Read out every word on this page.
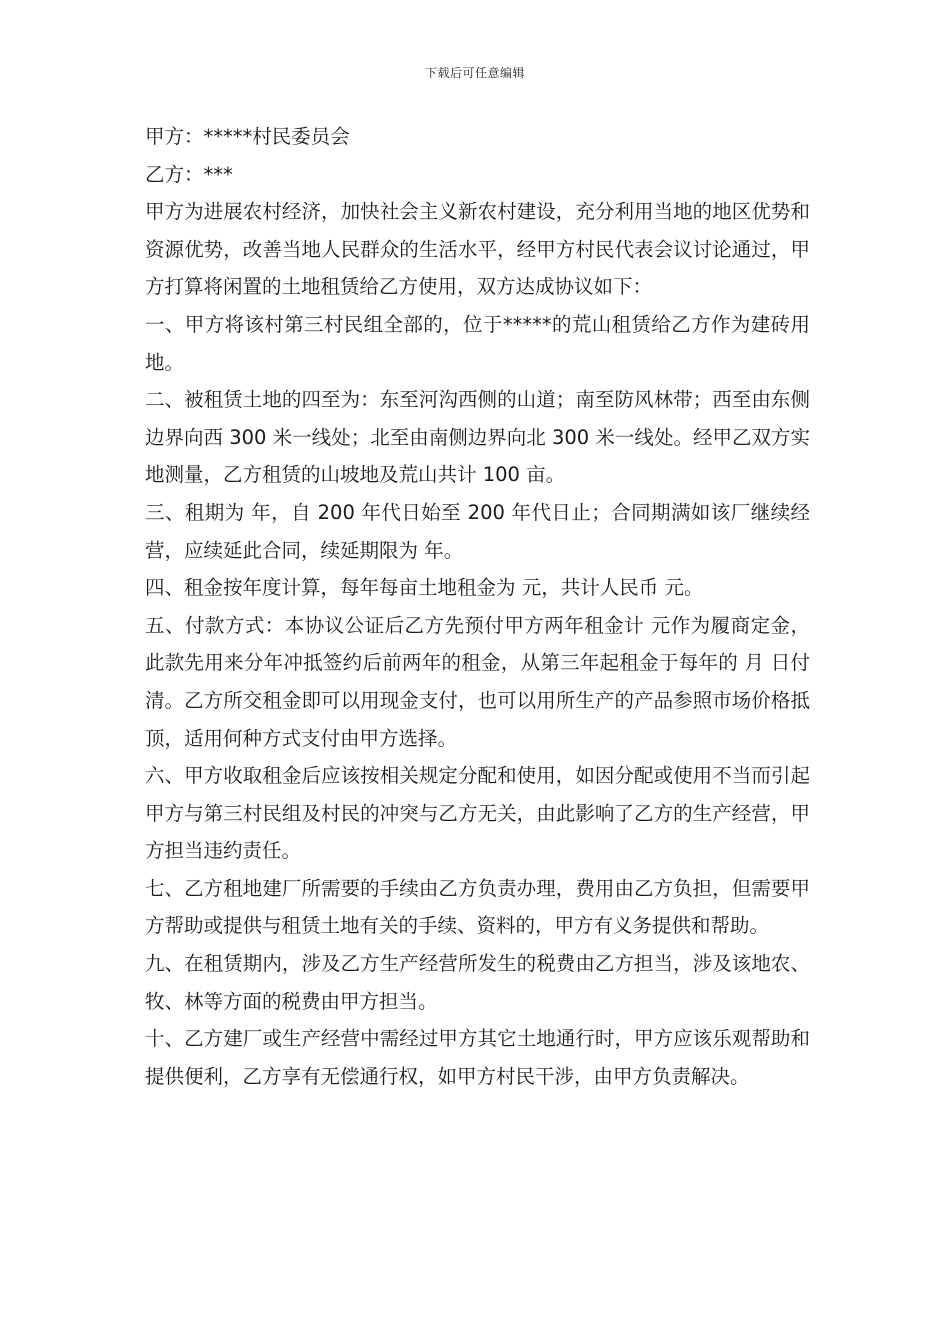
下载后可任意编辑

甲方：*****村民委员会

乙方：***

甲方为进展农村经济，加快社会主义新农村建设，充分利用当地的地区优势和资源优势，改善当地人民群众的生活水平，经甲方村民代表会议讨论通过，甲方打算将闲置的土地租赁给乙方使用，双方达成协议如下：

一、甲方将该村第三村民组全部的，位于*****的荒山租赁给乙方作为建砖用地。

二、被租赁土地的四至为：东至河沟西侧的山道；南至防风林带；西至由东侧边界向西 300 米一线处；北至由南侧边界向北 300 米一线处。经甲乙双方实地测量，乙方租赁的山坡地及荒山共计 100 亩。

三、租期为 年，自 200 年代日始至 200 年代日止；合同期满如该厂继续经营，应续延此合同，续延期限为 年。

四、租金按年度计算，每年每亩土地租金为 元，共计人民币 元。

五、付款方式：本协议公证后乙方先预付甲方两年租金计 元作为履商定金，此款先用来分年冲抵签约后前两年的租金，从第三年起租金于每年的 月 日付清。乙方所交租金即可以用现金支付，也可以用所生产的产品参照市场价格抵顶，适用何种方式支付由甲方选择。

六、甲方收取租金后应该按相关规定分配和使用，如因分配或使用不当而引起甲方与第三村民组及村民的冲突与乙方无关，由此影响了乙方的生产经营，甲方担当违约责任。

七、乙方租地建厂所需要的手续由乙方负责办理，费用由乙方负担，但需要甲方帮助或提供与租赁土地有关的手续、资料的，甲方有义务提供和帮助。

九、在租赁期内，涉及乙方生产经营所发生的税费由乙方担当，涉及该地农、牧、林等方面的税费由甲方担当。

十、乙方建厂或生产经营中需经过甲方其它土地通行时，甲方应该乐观帮助和提供便利，乙方享有无偿通行权，如甲方村民干涉，由甲方负责解决。
